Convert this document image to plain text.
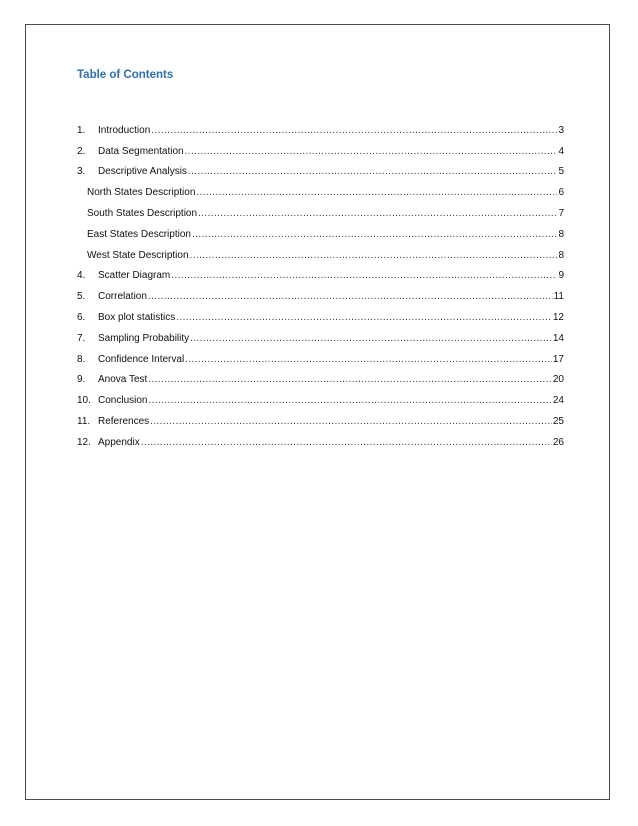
Table of Contents
1.	Introduction .....	3
2.	Data Segmentation .....	4
3.	Descriptive Analysis .....	5
North States Description .....	6
South States Description .....	7
East States Description .....	8
West State Description .....	8
4.	Scatter Diagram .....	9
5.	Correlation .....	11
6.	Box plot statistics .....	12
7.	Sampling Probability .....	14
8.	Confidence Interval .....	17
9.	Anova Test .....	20
10. Conclusion .....	24
11. References .....	25
12. Appendix .....	26
